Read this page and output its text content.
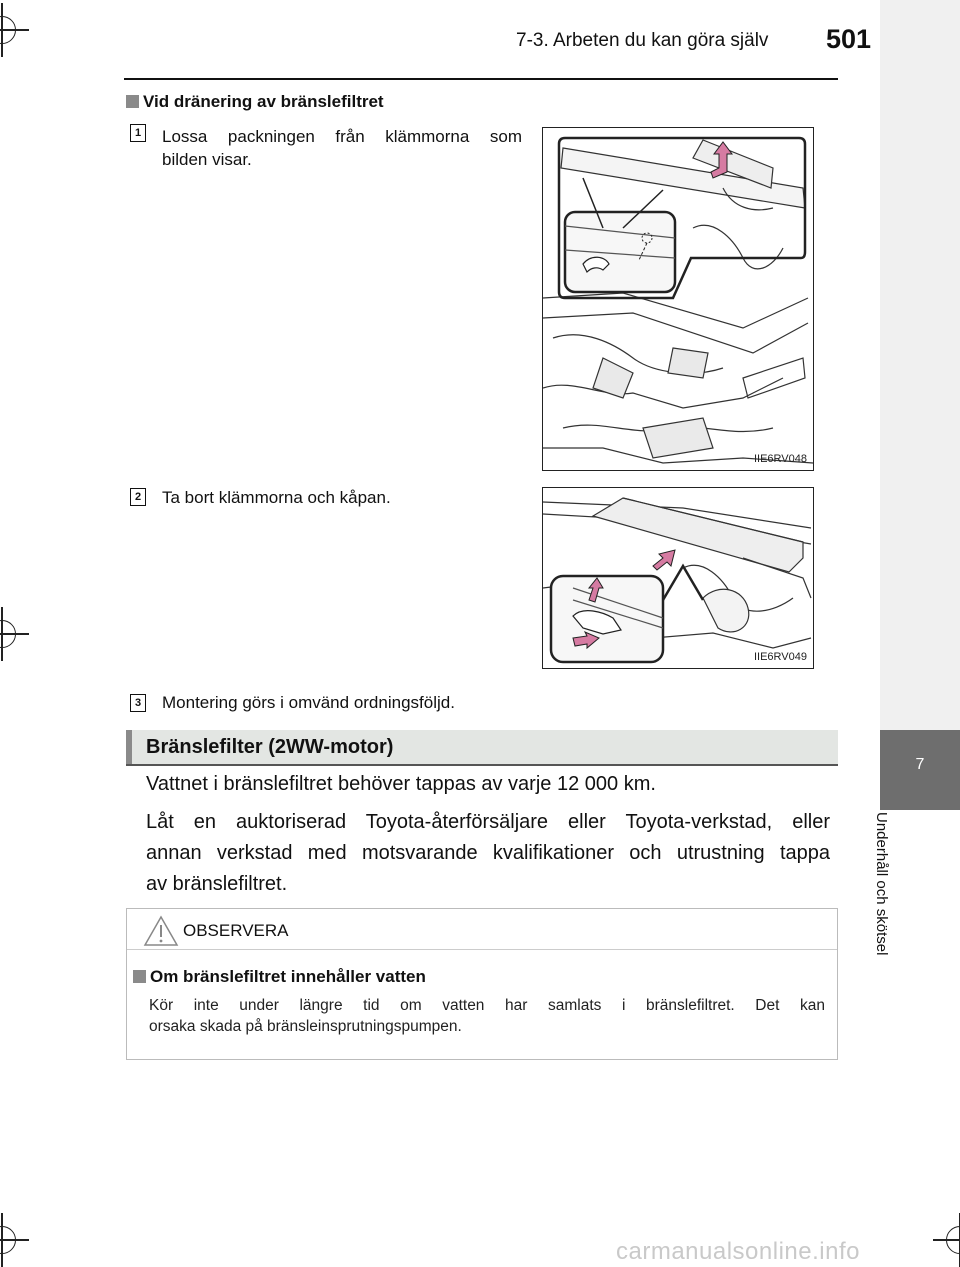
7-3. Arbeten du kan göra själv 501
7
Underhåll och skötsel
Vid dränering av bränslefiltret
1 Lossa packningen från klämmorna som
bilden visar.
IIE6RV048
2 Ta bort klämmorna och kåpan.
IIE6RV049
3 Montering görs i omvänd ordningsföljd.
Bränslefilter (2WW-motor)
Vattnet i bränslefiltret behöver tappas av varje 12 000 km.
Låt en auktoriserad Toyota-återförsäljare eller Toyota-verkstad, eller
annan verkstad med motsvarande kvalifikationer och utrustning tappa
av bränslefiltret.
OBSERVERA
Om bränslefiltret innehåller vatten
Kör inte under längre tid om vatten har samlats i bränslefiltret. Det kan
orsaka skada på bränsleinsprutningspumpen.
carmanualsonline.info
